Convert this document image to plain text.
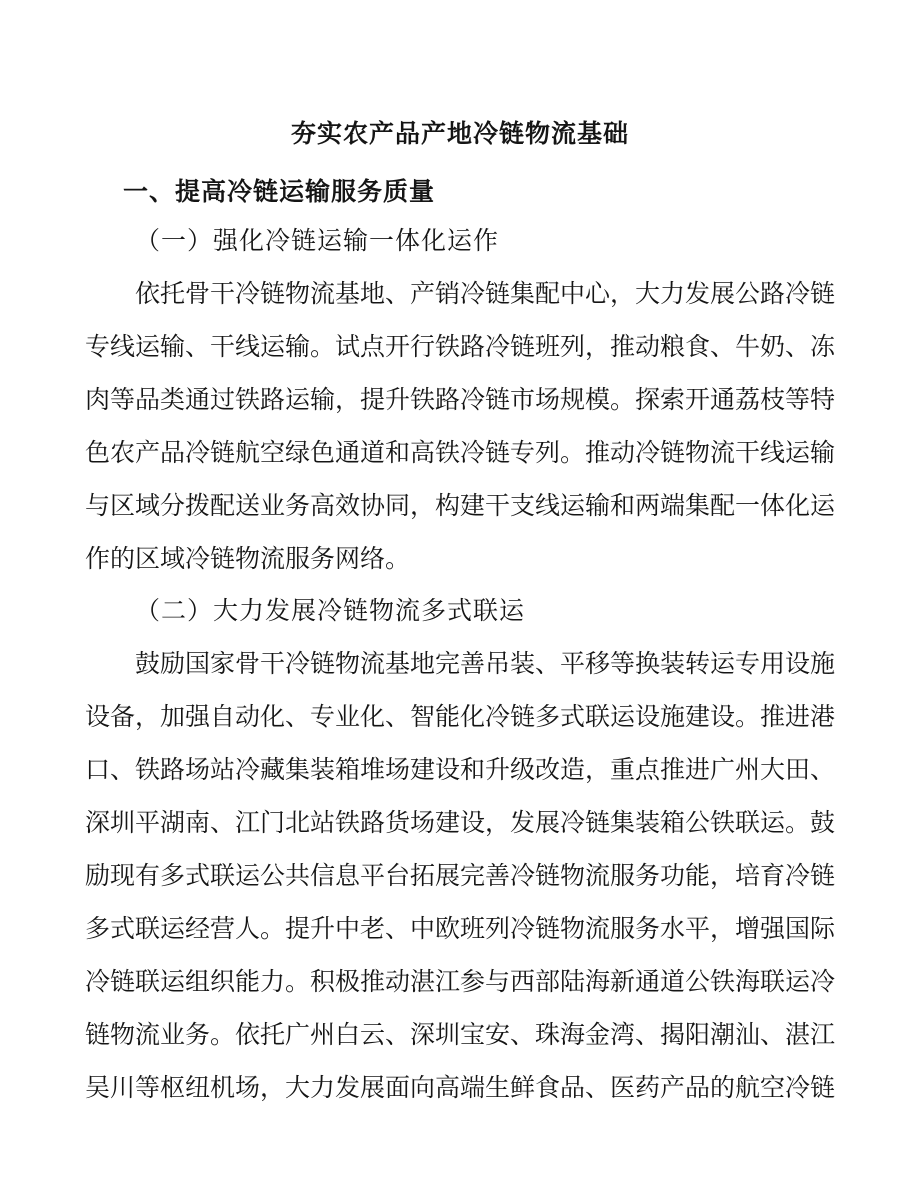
夯实农产品产地冷链物流基础
一、提高冷链运输服务质量
（一）强化冷链运输一体化运作
依托骨干冷链物流基地、产销冷链集配中心，大力发展公路冷链
专线运输、干线运输。试点开行铁路冷链班列，推动粮食、牛奶、冻
肉等品类通过铁路运输，提升铁路冷链市场规模。探索开通荔枝等特
色农产品冷链航空绿色通道和高铁冷链专列。推动冷链物流干线运输
与区域分拨配送业务高效协同，构建干支线运输和两端集配一体化运
作的区域冷链物流服务网络。
（二）大力发展冷链物流多式联运
鼓励国家骨干冷链物流基地完善吊装、平移等换装转运专用设施
设备，加强自动化、专业化、智能化冷链多式联运设施建设。推进港
口、铁路场站冷藏集装箱堆场建设和升级改造，重点推进广州大田、
深圳平湖南、江门北站铁路货场建设，发展冷链集装箱公铁联运。鼓
励现有多式联运公共信息平台拓展完善冷链物流服务功能，培育冷链
多式联运经营人。提升中老、中欧班列冷链物流服务水平，增强国际
冷链联运组织能力。积极推动湛江参与西部陆海新通道公铁海联运冷
链物流业务。依托广州白云、深圳宝安、珠海金湾、揭阳潮汕、湛江
吴川等枢纽机场，大力发展面向高端生鲜食品、医药产品的航空冷链
